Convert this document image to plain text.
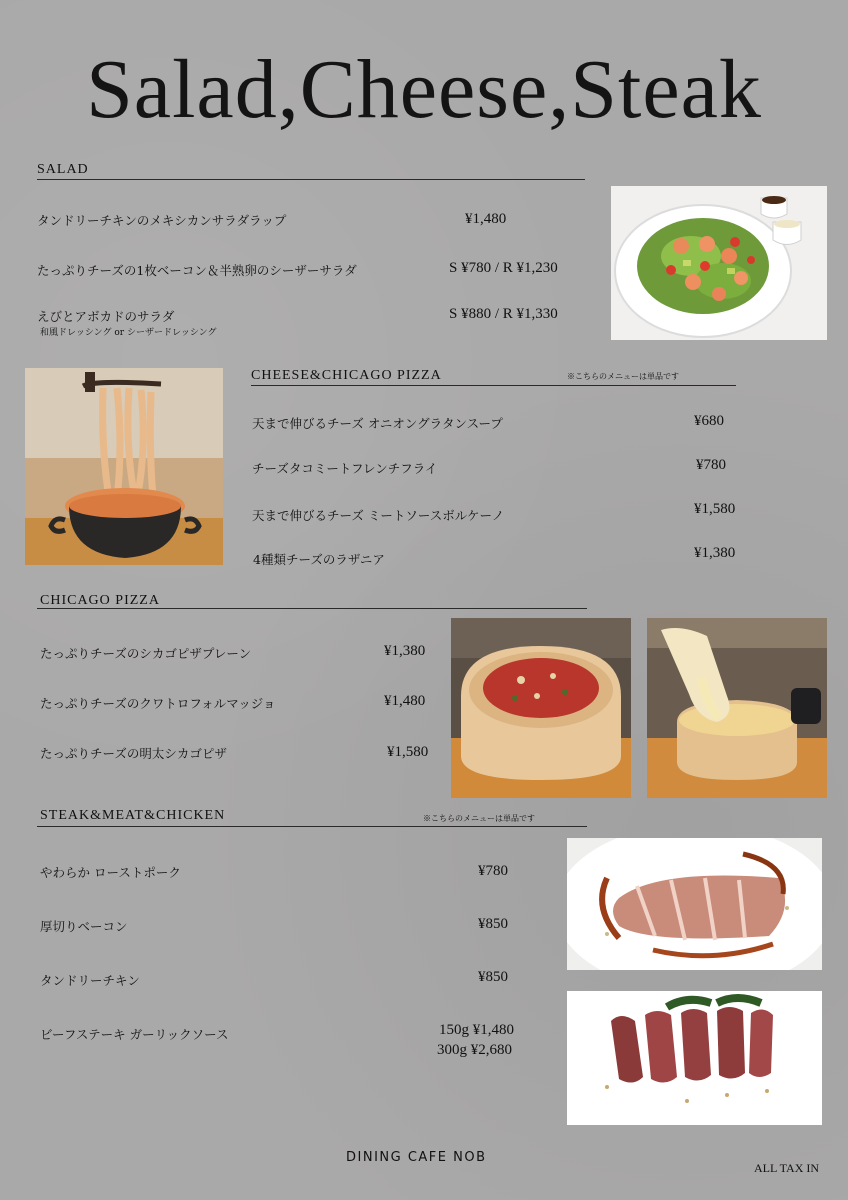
Salad,Cheese,Steak
SALAD
タンドリーチキンのメキシカンサラダラップ	¥1,480
たっぷりチーズの1枚ベーコン＆半熟卵のシーザーサラダ	S ¥780 / R ¥1,230
えびとアボカドのサラダ
和風ドレッシング or シーザードレッシング
S ¥880 / R ¥1,330
CHEESE&CHICAGO PIZZA	※こちらのメニューは単品です
天まで伸びるチーズ オニオングラタンスープ	¥680
チーズタコミートフレンチフライ	¥780
天まで伸びるチーズ ミートソースボルケーノ	¥1,580
4種類チーズのラザニア	¥1,380
CHICAGO PIZZA
たっぷりチーズのシカゴピザプレーン	¥1,380
たっぷりチーズのクワトロフォルマッジョ	¥1,480
たっぷりチーズの明太シカゴピザ	¥1,580
STEAK&MEAT&CHICKEN	※こちらのメニューは単品です
やわらか ローストポーク	¥780
厚切りベーコン	¥850
タンドリーチキン	¥850
ビーフステーキ ガーリックソース	150g ¥1,480
300g ¥2,680
DINING CAFE NOB
ALL TAX IN
